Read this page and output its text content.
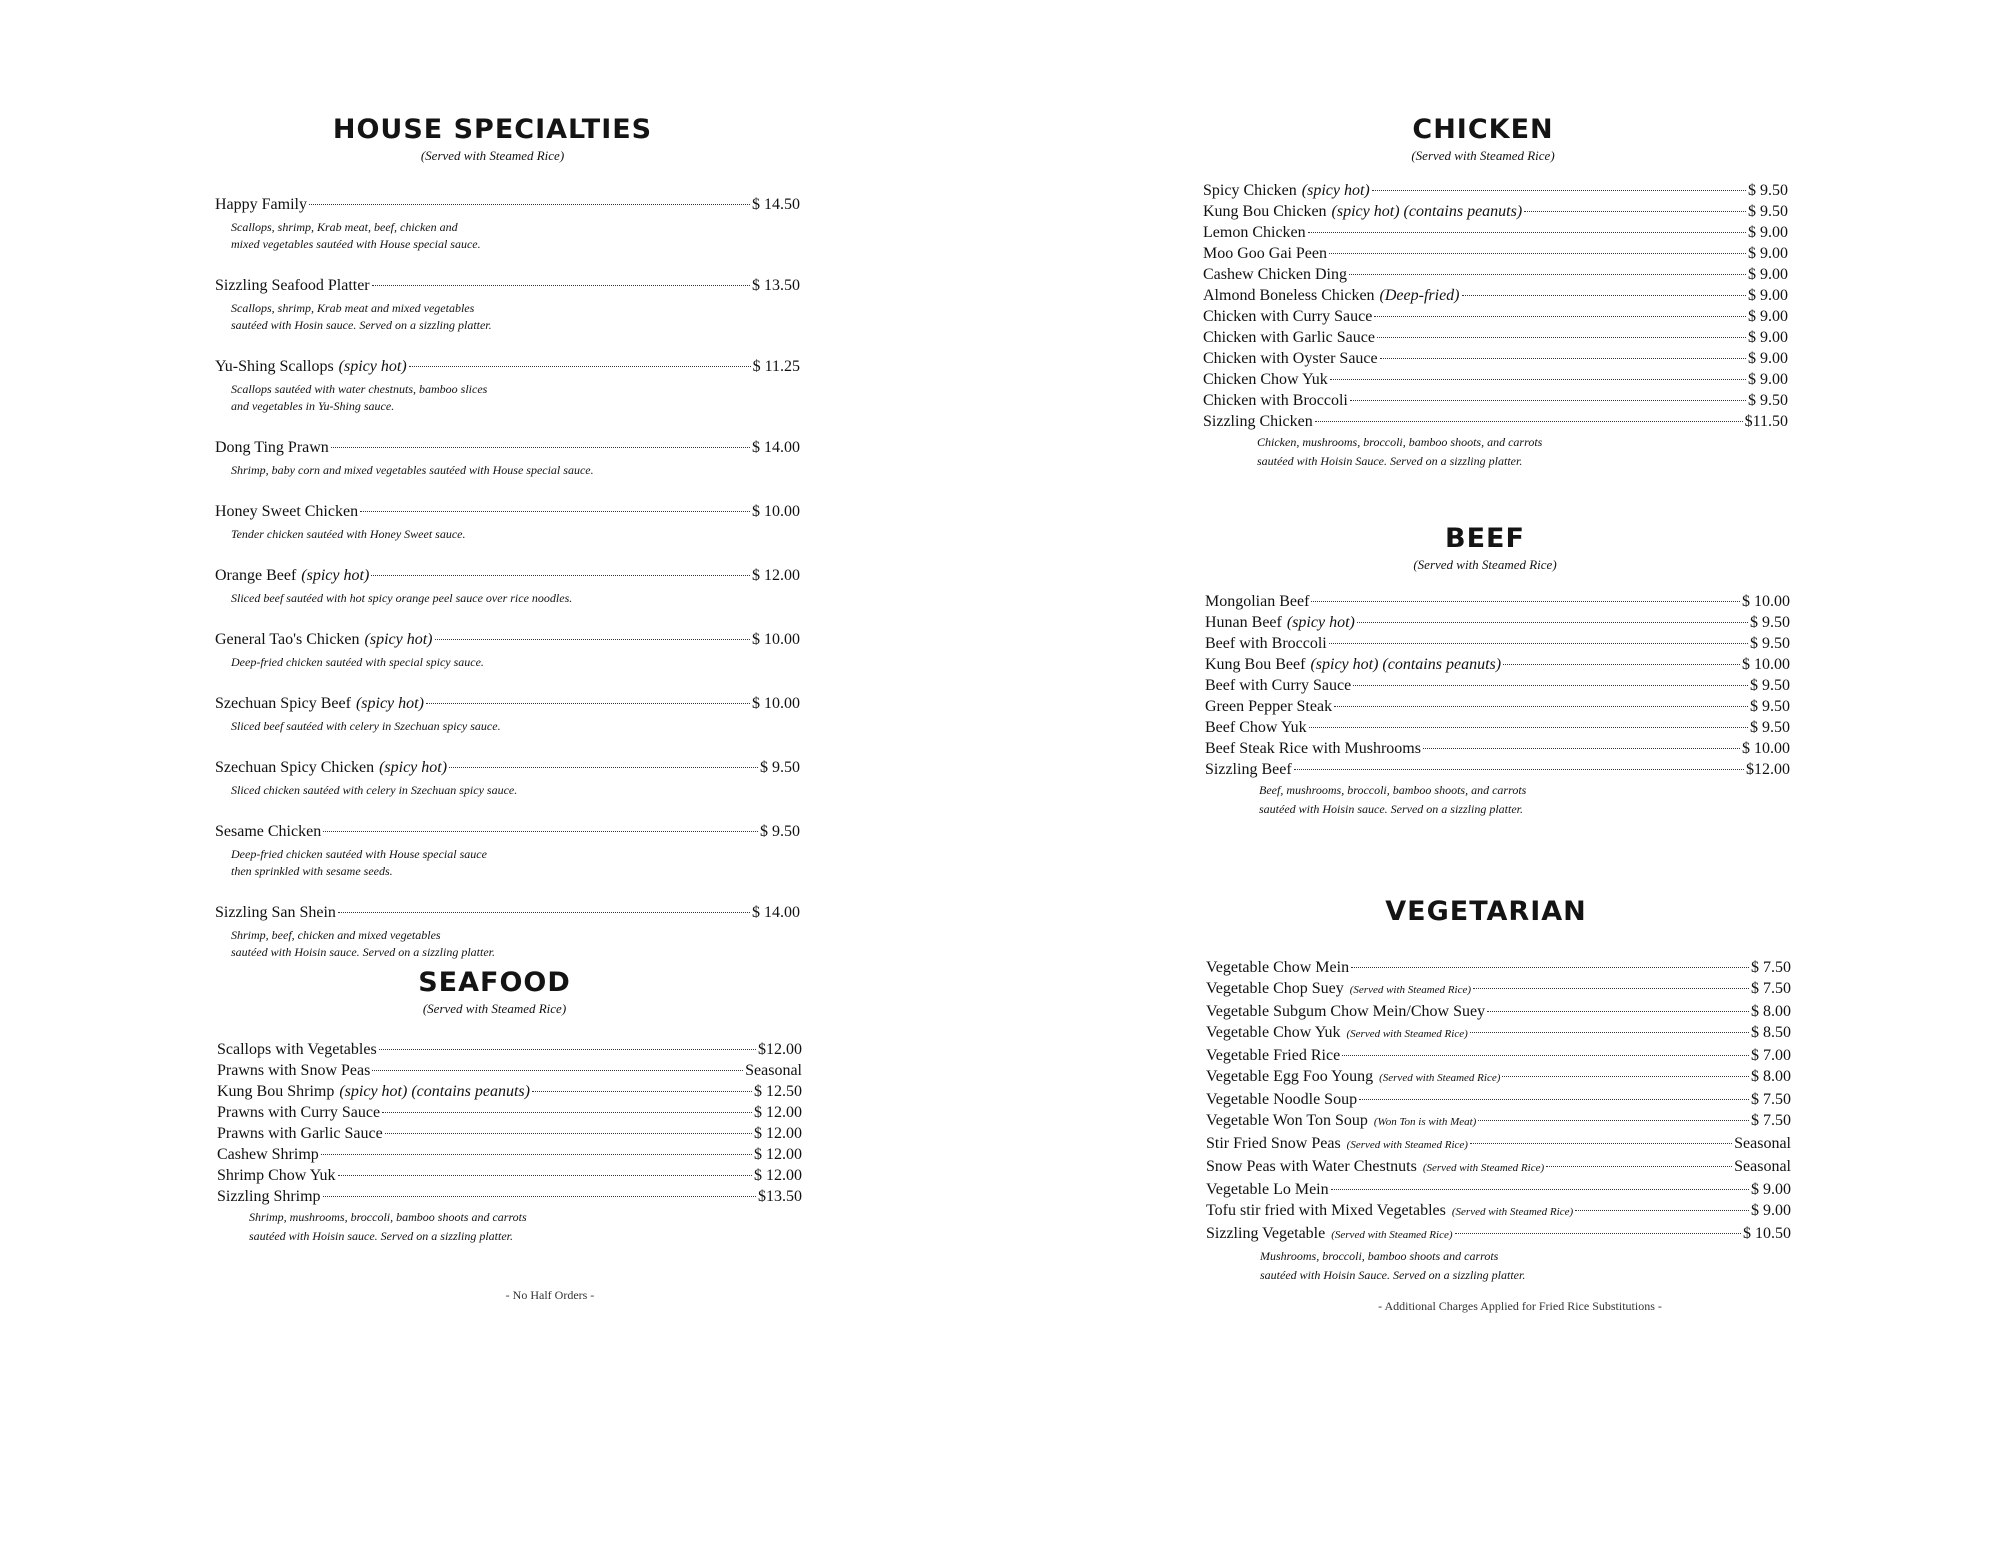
HOUSE SPECIALTIES
(Served with Steamed Rice)
Happy Family	$ 14.50
Scallops, shrimp, Krab meat, beef, chicken and
mixed vegetables sautéed with House special sauce.
Sizzling Seafood Platter	$ 13.50
Scallops, shrimp, Krab meat and mixed vegetables
sautéed with Hosin sauce. Served on a sizzling platter.
Yu-Shing Scallops (spicy hot)	$ 11.25
Scallops sautéed with water chestnuts, bamboo slices
and vegetables in Yu-Shing sauce.
Dong Ting Prawn	$ 14.00
Shrimp, baby corn and mixed vegetables sautéed with House special sauce.
Honey Sweet Chicken	$ 10.00
Tender chicken sautéed with Honey Sweet sauce.
Orange Beef (spicy hot)	$ 12.00
Sliced beef sautéed with hot spicy orange peel sauce over rice noodles.
General Tao's Chicken (spicy hot)	$ 10.00
Deep-fried chicken sautéed with special spicy sauce.
Szechuan Spicy Beef (spicy hot)	$ 10.00
Sliced beef sautéed with celery in Szechuan spicy sauce.
Szechuan Spicy Chicken (spicy hot)	$ 9.50
Sliced chicken sautéed with celery in Szechuan spicy sauce.
Sesame Chicken	$ 9.50
Deep-fried chicken sautéed with House special sauce
then sprinkled with sesame seeds.
Sizzling San Shein	$ 14.00
Shrimp, beef, chicken and mixed vegetables
sautéed with Hoisin sauce. Served on a sizzling platter.
SEAFOOD
(Served with Steamed Rice)
Scallops with Vegetables	$12.00
Prawns with Snow Peas	Seasonal
Kung Bou Shrimp (spicy hot) (contains peanuts)	$ 12.50
Prawns with Curry Sauce	$ 12.00
Prawns with Garlic Sauce	$ 12.00
Cashew Shrimp	$ 12.00
Shrimp Chow Yuk	$ 12.00
Sizzling Shrimp	$13.50
Shrimp, mushrooms, broccoli, bamboo shoots and carrots
sautéed with Hoisin sauce. Served on a sizzling platter.
- No Half Orders -
CHICKEN
(Served with Steamed Rice)
Spicy Chicken (spicy hot)	$ 9.50
Kung Bou Chicken (spicy hot) (contains peanuts)	$ 9.50
Lemon Chicken	$ 9.00
Moo Goo Gai Peen	$ 9.00
Cashew Chicken Ding	$ 9.00
Almond Boneless Chicken (Deep-fried)	$ 9.00
Chicken with Curry Sauce	$ 9.00
Chicken with Garlic Sauce	$ 9.00
Chicken with Oyster Sauce	$ 9.00
Chicken Chow Yuk	$ 9.00
Chicken with Broccoli	$ 9.50
Sizzling Chicken	$11.50
Chicken, mushrooms, broccoli, bamboo shoots, and carrots
sautéed with Hoisin Sauce. Served on a sizzling platter.
BEEF
(Served with Steamed Rice)
Mongolian Beef	$ 10.00
Hunan Beef (spicy hot)	$ 9.50
Beef with Broccoli	$ 9.50
Kung Bou Beef (spicy hot) (contains peanuts)	$ 10.00
Beef with Curry Sauce	$ 9.50
Green Pepper Steak	$ 9.50
Beef Chow Yuk	$ 9.50
Beef Steak Rice with Mushrooms	$ 10.00
Sizzling Beef	$12.00
Beef, mushrooms, broccoli, bamboo shoots, and carrots
sautéed with Hoisin sauce. Served on a sizzling platter.
VEGETARIAN
Vegetable Chow Mein	$ 7.50
Vegetable Chop Suey (Served with Steamed Rice)	$ 7.50
Vegetable Subgum Chow Mein/Chow Suey	$ 8.00
Vegetable Chow Yuk (Served with Steamed Rice)	$ 8.50
Vegetable Fried Rice	$ 7.00
Vegetable Egg Foo Young (Served with Steamed Rice)	$ 8.00
Vegetable Noodle Soup	$ 7.50
Vegetable Won Ton Soup (Won Ton is with Meat)	$ 7.50
Stir Fried Snow Peas (Served with Steamed Rice)	Seasonal
Snow Peas with Water Chestnuts (Served with Steamed Rice)	Seasonal
Vegetable Lo Mein	$ 9.00
Tofu stir fried with Mixed Vegetables (Served with Steamed Rice)	$ 9.00
Sizzling Vegetable (Served with Steamed Rice)	$ 10.50
Mushrooms, broccoli, bamboo shoots and carrots
sautéed with Hoisin Sauce. Served on a sizzling platter.
- Additional Charges Applied for Fried Rice Substitutions -
